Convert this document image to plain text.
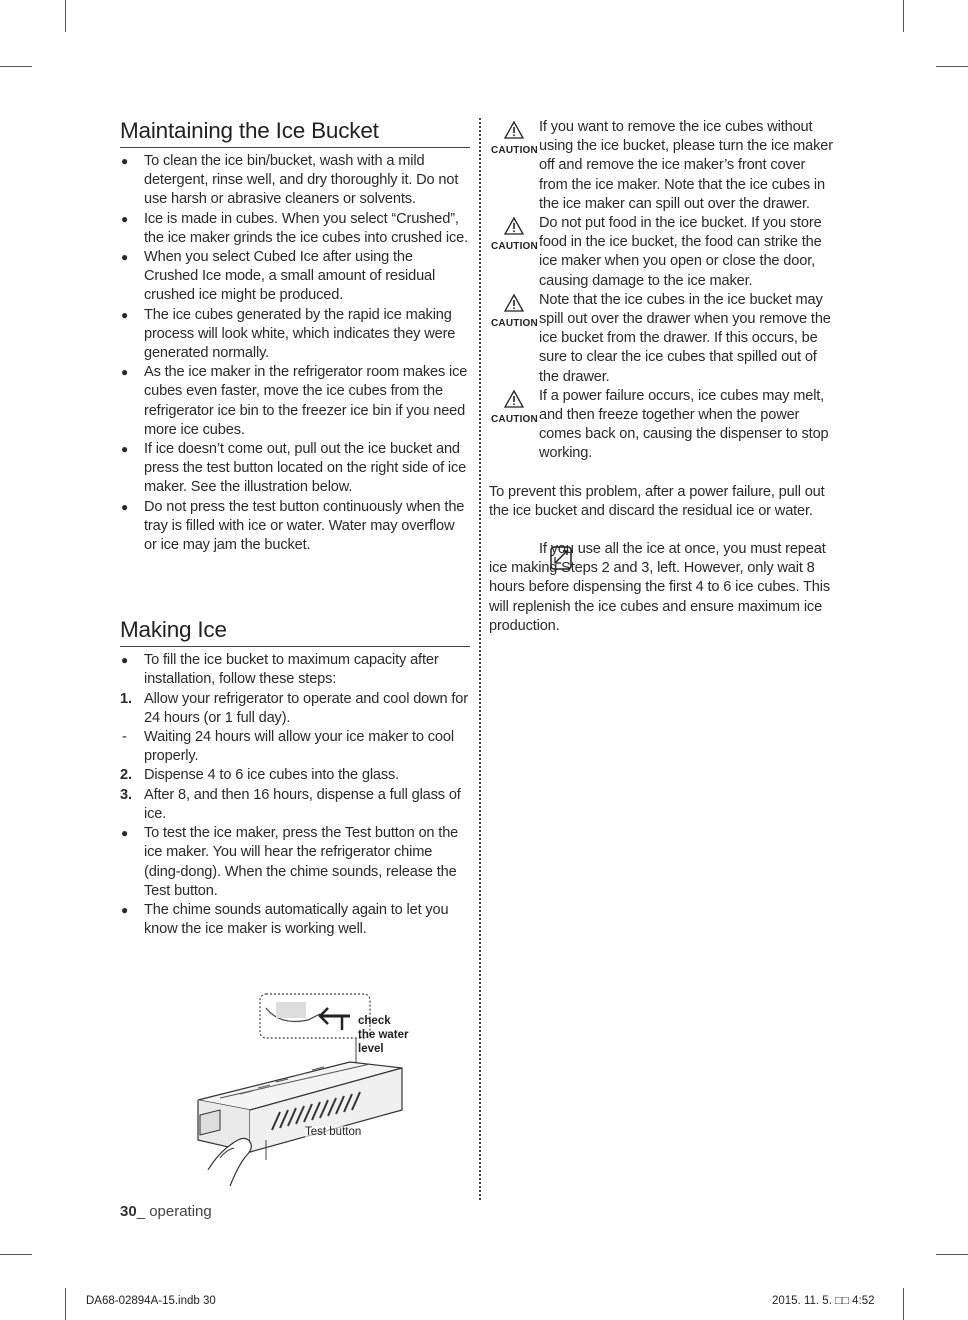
Maintaining the Ice Bucket
●	To clean the ice bin/bucket, wash with a mild detergent, rinse well, and dry thoroughly it. Do not use harsh or abrasive cleaners or solvents.
●	Ice is made in cubes. When you select “Crushed”, the ice maker grinds the ice cubes into crushed ice.
●	When you select Cubed Ice after using the Crushed Ice mode, a small amount of residual crushed ice might be produced.
●	The ice cubes generated by the rapid ice making process will look white, which indicates they were generated normally.
●	As the ice maker in the refrigerator room makes ice cubes even faster, move the ice cubes from the refrigerator ice bin to the freezer ice bin if you need more ice cubes.
●	If ice doesn’t come out, pull out the ice bucket and press the test button located on the right side of ice maker. See the illustration below.
●	Do not press the test button continuously when the tray is filled with ice or water. Water may overflow or ice may jam the bucket.
Making Ice
●	To fill the ice bucket to maximum capacity after installation, follow these steps:
1. Allow your refrigerator to operate and cool down for 24 hours (or 1 full day).
-	Waiting 24 hours will allow your ice maker to cool properly.
2. Dispense 4 to 6 ice cubes into the glass.
3. After 8, and then 16 hours, dispense a full glass of ice.
●	To test the ice maker, press the Test button on the ice maker. You will hear the refrigerator chime (ding-dong). When the chime sounds, release the Test button.
●	The chime sounds automatically again to let you know the ice maker is working well.
check
the water
level
Test button
CAUTION
If you want to remove the ice cubes without using the ice bucket, please turn the ice maker off and remove the ice maker’s front cover from the ice maker. Note that the ice cubes in the ice maker can spill out over the drawer.
CAUTION
Do not put food in the ice bucket. If you store food in the ice bucket, the food can strike the ice maker when you open or close the door, causing damage to the ice maker.
CAUTION
Note that the ice cubes in the ice bucket may spill out over the drawer when you remove the ice bucket from the drawer. If this occurs, be sure to clear the ice cubes that spilled out of the drawer.
CAUTION
If a power failure occurs, ice cubes may melt, and then freeze together when the power comes back on, causing the dispenser to stop working.

To prevent this problem, after a power failure, pull out the ice bucket and discard the residual ice or water.

If you use all the ice at once, you must repeat ice making Steps 2 and 3, left. However, only wait 8 hours before dispensing the first 4 to 6 ice cubes. This will replenish the ice cubes and ensure maximum ice production.
30_ operating
DA68-02894A-15.indb 30	2015. 11. 5. □□ 4:52
